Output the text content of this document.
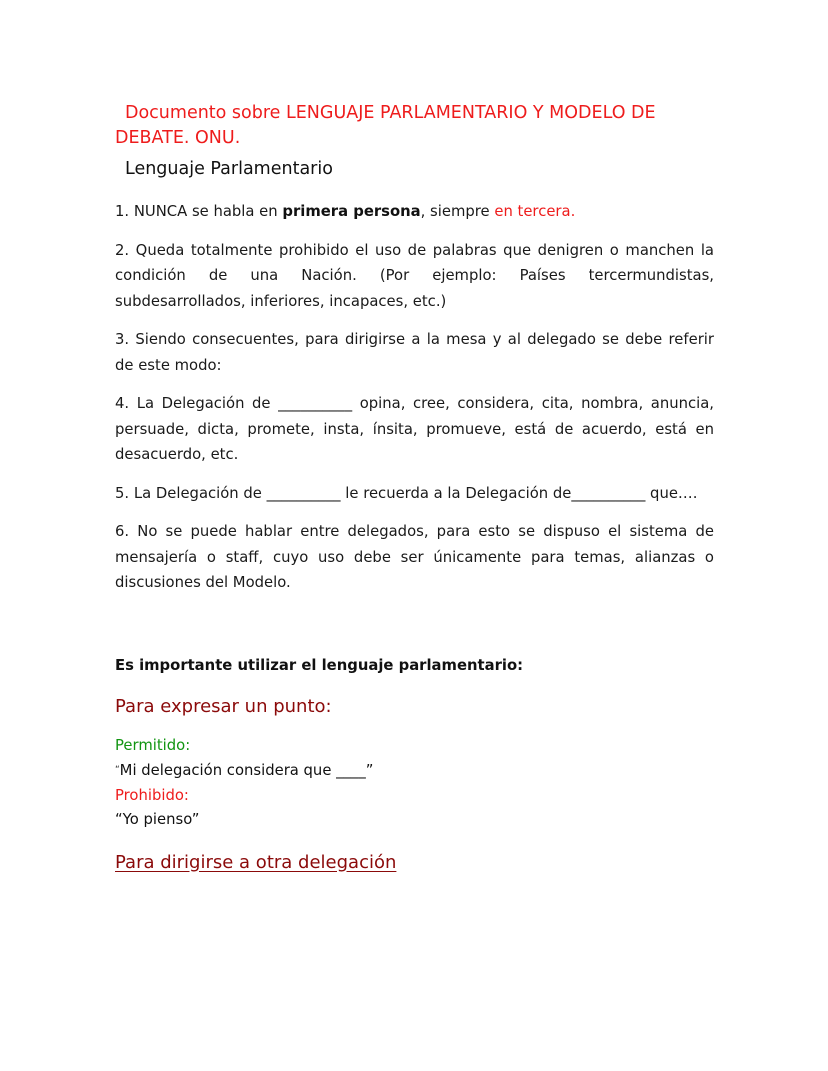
Documento sobre LENGUAJE PARLAMENTARIO Y MODELO DE DEBATE. ONU.
Lenguaje Parlamentario

1. NUNCA se habla en primera persona, siempre en tercera.

2. Queda totalmente prohibido el uso de palabras que denigren o manchen la condición de una Nación. (Por ejemplo: Países tercermundistas, subdesarrollados, inferiores, incapaces, etc.)

3. Siendo consecuentes, para dirigirse a la mesa y al delegado se debe referir de este modo:

4. La Delegación de __________ opina, cree, considera, cita, nombra, anuncia, persuade, dicta, promete, insta, ínsita, promueve, está de acuerdo, está en desacuerdo, etc.

5. La Delegación de __________ le recuerda a la Delegación de__________ que….

6. No se puede hablar entre delegados, para esto se dispuso el sistema de mensajería o staff, cuyo uso debe ser únicamente para temas, alianzas o discusiones del Modelo.

Es importante utilizar el lenguaje parlamentario:

Para expresar un punto:

Permitido:

“Mi delegación considera que ____”

Prohibido:

“Yo pienso”

Para dirigirse a otra delegación
